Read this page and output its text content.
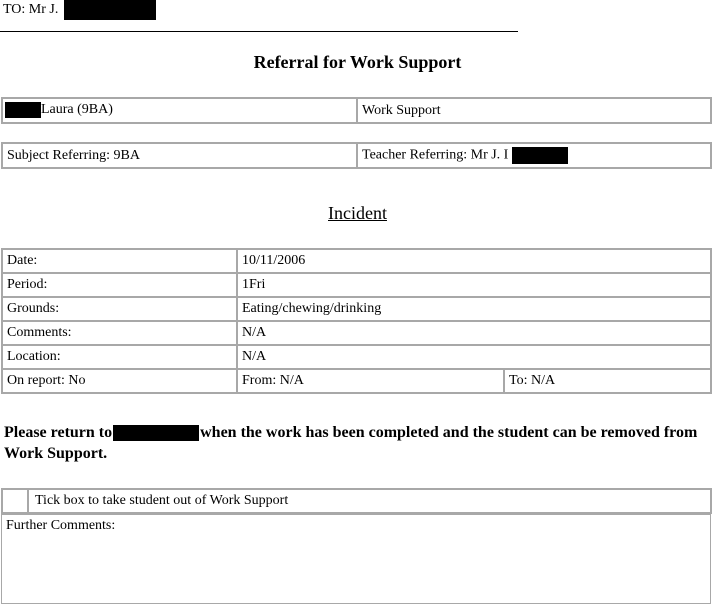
TO: Mr J.
Referral for Work Support
Laura (9BA)	Work Support
Subject Referring: 9BA	Teacher Referring: Mr J. I
Incident
Date:	10/11/2006	
Period:	1Fri	
Grounds:	Eating/chewing/drinking	
Comments:	N/A	
Location:	N/A	
On report: No	From: N/A	To: N/A
Please return to	when the work has been completed and the student can be removed from Work Support.
	Tick box to take student out of Work Support
Further Comments:
